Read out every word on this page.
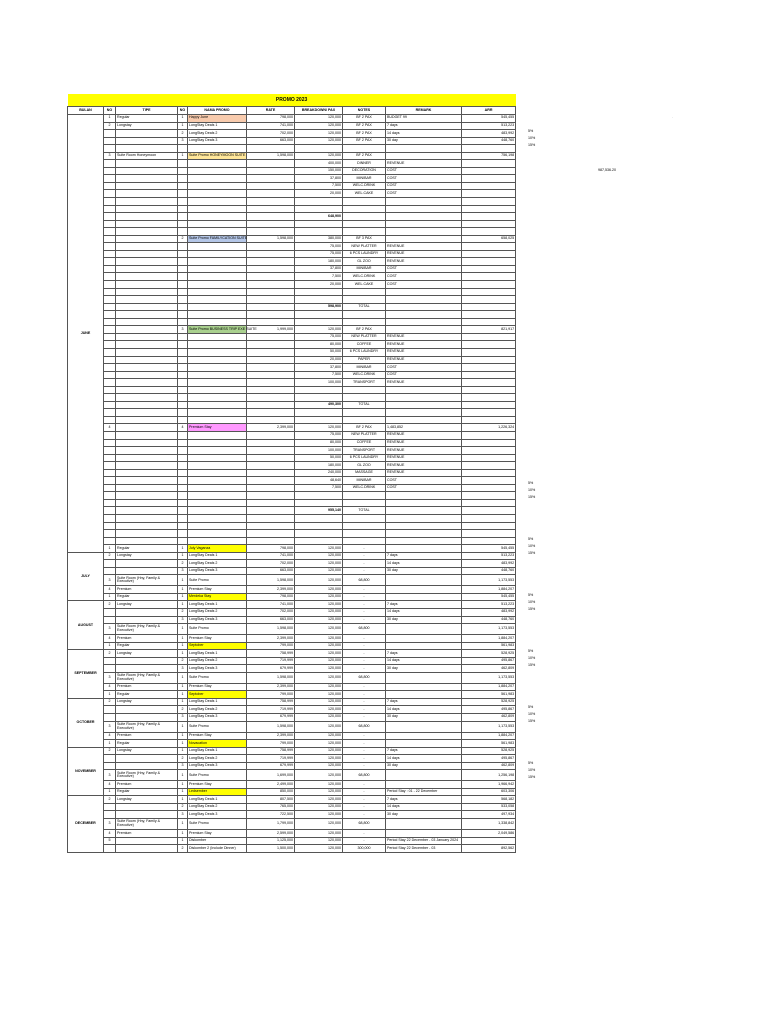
PROMO 2023									
BULAN	NO	TIPE	NO	NAMA PROMO	RATE	BREAKDOWN/ PAX	NOTES	REMARK	ARR
JUNE	1	Regular	1	Happy June	798,000	120,000	BF 2 PAX	BUDGET 99	545,455
	2	Longstay	1	LongStay Deals 1	741,000	120,000	BF 2 PAX	7 days	513,223
			2	LongStay Deals 2	702,000	120,000	BF 2 PAX	14 days	483,992
			3	LongStay Deals 3	663,000	120,000	BF 2 PAX	30 day	448,760

	3	Suite Room Honeymoon	1	Suite Promo HONEYMOON SUITE	1,598,000	120,000	BF 2 PAX		756,198
						400,000	DINNER	REVENUE	
						150,000	DECORATION	COST	
						37,800	MINIBAR	COST	
						7,500	WELC.DRINK	COST	
						20,000	WEL.CAKE	COST	

						648,900			

			2	Suite Promo FAMILYCATION SUITE	1,598,000	380,000	BF 3 PAX		658,025
						75,000	NEW PLATTER	REVENUE	
						75,000	6 PCS LAUNDRY	REVENUE	
						180,000	GL ZOO	REVENUE	
						37,800	MINIBAR	COST	
						7,500	WELC.DRINK	COST	
						20,000	WEL.CAKE	COST	

						598,900	TOTAL		

			3	Suite Promo BUSINESS TRIP EXE SUITE	1,999,000	120,000	BF 2 PAX		821,917
						75,000	NEW PLATTER	REVENUE	
						80,000	COFFEE	REVENUE	
						50,000	6 PCS LAUNDRY	REVENUE	
						20,000	PAPER	REVENUE	
						37,800	MINIBAR	COST	
						7,500	WELC.DRINK	COST	
						100,000	TRANSPORT	REVENUE	

						490,300	TOTAL		

	4		4	Premium Stay	2,399,000	120,000	BF 2 PAX	1,483,852	1,226,324
						75,000	NEW PLATTER	REVENUE	
						80,000	COFFEE	REVENUE	
						100,000	TRANSPORT	REVENUE	
						50,000	6 PCS LAUNDRY	REVENUE	
						180,000	GL ZOO	REVENUE	
						240,000	MASSAGE	REVENUE	
						48,640	MINIBAR	COST	
						7,500	WELC.DRINK	COST	

						955,140	TOTAL		

	1	Regular	1	July Vaganza	798,000	120,000	-		545,455
JULY	2	Longstay	1	LongStay Deals 1	741,000	120,000	-	7 days	513,223
			2	LongStay Deals 2	702,000	120,000	-	14 days	483,992
			3	LongStay Deals 3	663,000	120,000	-	30 day	448,760
	3	Suite Room (Hny, Family & Executive)	1	Suite Promo	1,598,000	120,000	68,800		1,173,553
	4	Premium	1	Premium Stay	2,399,000	120,000	-		1,884,207
	1	Regular	1	Merdeka Stay	798,000	120,000	-		545,455
AUGUST	2	Longstay	1	LongStay Deals 1	741,000	120,000	-	7 days	513,223
			2	LongStay Deals 2	702,000	120,000	-	14 days	483,992
			3	LongStay Deals 3	663,000	120,000	-	30 day	448,760
	3	Suite Room (Hny, Family & Executive)	1	Suite Promo	1,598,000	120,000	68,800		1,173,553
	4	Premium	1	Premium Stay	2,399,000	120,000	-		1,884,207
	1	Regular	1	Septober	799,000	120,000	-		561,983
SEPTEMBER	2	Longstay	1	LongStay Deals 1	758,999	120,000	-	7 days	528,925
			2	LongStay Deals 2	719,999	120,000	-	14 days	495,867
			3	LongStay Deals 3	679,999	120,000	-	30 day	462,809
	3	Suite Room (Hny, Family & Executive)	1	Suite Promo	1,598,000	120,000	68,800		1,173,553
	4	Premium	1	Premium Stay	2,399,000	120,000	-		1,884,207
	1	Regular	1	Septober	799,000	120,000	-		561,983
OCTOBER	2	Longstay	1	LongStay Deals 1	758,999	120,000	-	7 days	528,925
			2	LongStay Deals 2	719,999	120,000	-	14 days	495,867
			3	LongStay Deals 3	679,999	120,000	-	30 day	462,809
	3	Suite Room (Hny, Family & Executive)	1	Suite Promo	1,598,000	120,000	68,800		1,173,553
	4	Premium	1	Premium Stay	2,399,000	120,000	-		1,884,207
	1	Regular	1	Novacation	799,000	120,000	-		561,983
NOVEMBER	2	Longstay	1	LongStay Deals 1	758,999	120,000	-	7 days	528,925
			2	LongStay Deals 2	719,999	120,000	-	14 days	495,867
			3	LongStay Deals 3	679,999	120,000	-	30 day	462,809
	3	Suite Room (Hny, Family & Executive)	1	Suite Promo	1,699,000	120,000	68,800		1,256,198
	4	Premium	1	Premium Stay	2,499,000	120,000	-		1,966,942
	1	Regular	1	Ledsember	850,000	120,000	-	Period Stay : 01 - 22 December	603,306
DECEMBER	2	Longstay	1	LongStay Deals 1	807,500	120,000	-	7 days	568,182
			2	LongStay Deals 2	765,000	120,000	-	14 days	533,058
			3	LongStay Deals 3	722,500	120,000	-	30 day	497,934
	3	Suite Room (Hny, Family & Executive)	1	Suite Promo	1,799,000	120,000	68,800		1,338,842
	4	Premium	1	Premium Stay	2,599,000	120,000	-		2,049,586
	5		1	Diskomber	1,125,000	120,000	-	Period Stay 22 December - 03 January 2024	
			2	Diskomber 2 (Include Dinner)	1,500,000	120,000	300,000	Period Stay 22 December - 03	892,562
987,536.20
.
5%
10%
15%
5%
10%
15%
5%
10%
15%
5%
10%
15%
5%
10%
15%
5%
10%
15%
5%
10%
15%
